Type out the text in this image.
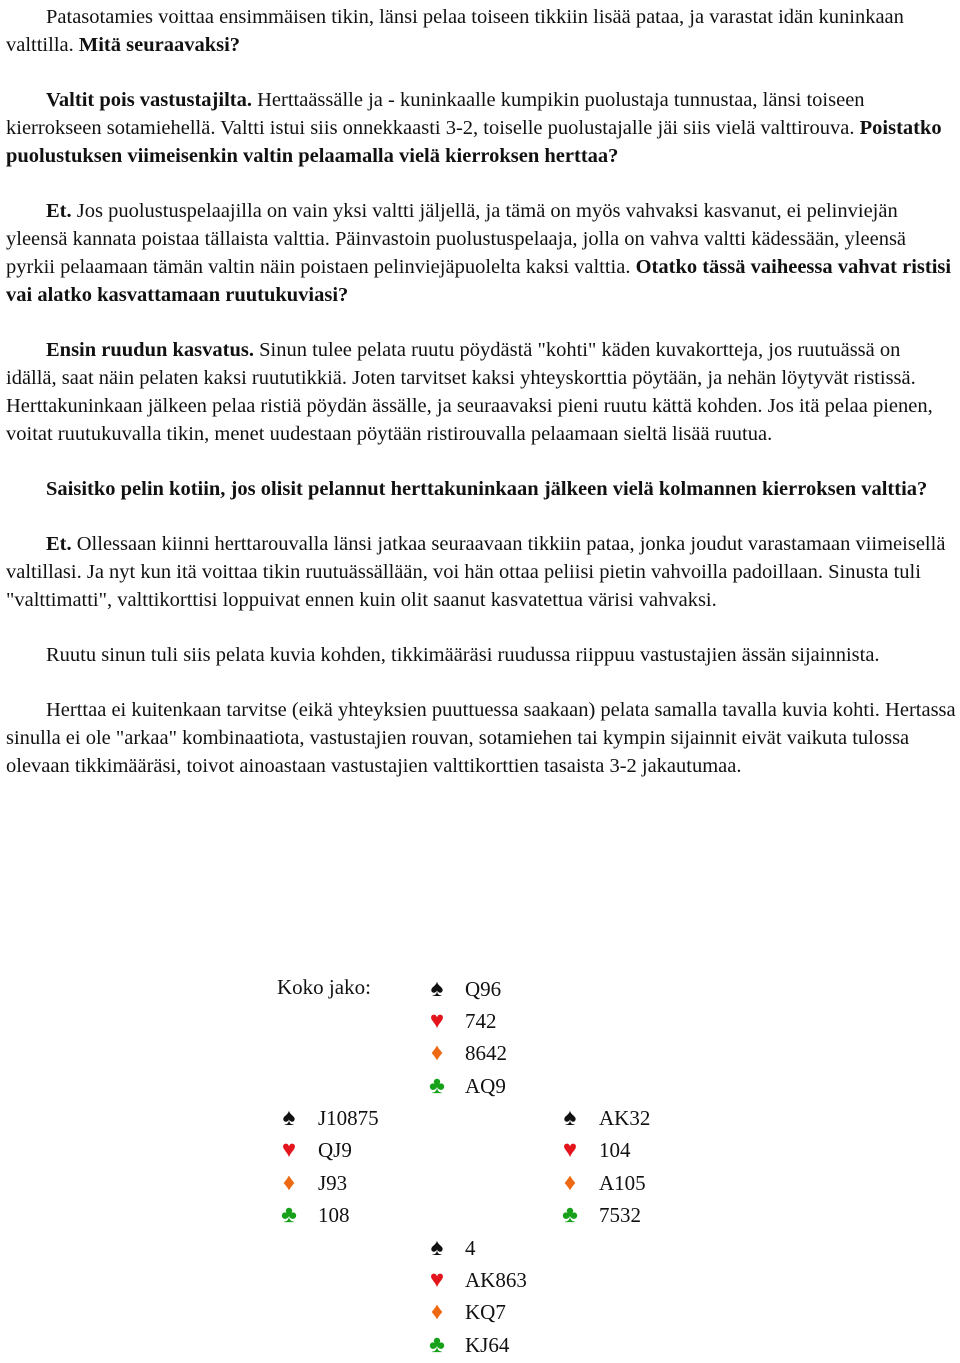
Patasotamies voittaa ensimmäisen tikin, länsi pelaa toiseen tikkiin lisää pataa, ja varastat idän kuninkaan valttilla. Mitä seuraavaksi?

Valtit pois vastustajilta. Herttaässälle ja - kuninkaalle kumpikin puolustaja tunnustaa, länsi toiseen kierrokseen sotamiehellä. Valtti istui siis onnekkaasti 3-2, toiselle puolustajalle jäi siis vielä valttirouva. Poistatko puolustuksen viimeisenkin valtin pelaamalla vielä kierroksen herttaa?

Et. Jos puolustuspelaajilla on vain yksi valtti jäljellä, ja tämä on myös vahvaksi kasvanut, ei pelinviejän yleensä kannata poistaa tällaista valttia. Päinvastoin puolustuspelaaja, jolla on vahva valtti kädessään, yleensä pyrkii pelaamaan tämän valtin näin poistaen pelinviejäpuolelta kaksi valttia. Otatko tässä vaiheessa vahvat ristisi vai alatko kasvattamaan ruutukuviasi?

Ensin ruudun kasvatus. Sinun tulee pelata ruutu pöydästä "kohti" käden kuvakortteja, jos ruutuässä on idällä, saat näin pelaten kaksi ruututikkiä. Joten tarvitset kaksi yhteyskorttia pöytään, ja nehän löytyvät ristissä. Herttakuninkaan jälkeen pelaa ristiä pöydän ässälle, ja seuraavaksi pieni ruutu kättä kohden. Jos itä pelaa pienen, voitat ruutukuvalla tikin, menet uudestaan pöytään ristirouvalla pelaamaan sieltä lisää ruutua.

Saisitko pelin kotiin, jos olisit pelannut herttakuninkaan jälkeen vielä kolmannen kierroksen valttia?

Et. Ollessaan kiinni herttarouvalla länsi jatkaa seuraavaan tikkiin pataa, jonka joudut varastamaan viimeisellä valtillasi. Ja nyt kun itä voittaa tikin ruutuässällään, voi hän ottaa peliisi pietin vahvoilla padoillaan. Sinusta tuli "valttimatti", valttikorttisi loppuivat ennen kuin olit saanut kasvatettua värisi vahvaksi.

Ruutu sinun tuli siis pelata kuvia kohden, tikkimääräsi ruudussa riippuu vastustajien ässän sijainnista.

Herttaa ei kuitenkaan tarvitse (eikä yhteyksien puuttuessa saakaan) pelata samalla tavalla kuvia kohti. Hertassa sinulla ei ole "arkaa" kombinaatiota, vastustajien rouvan, sotamiehen tai kympin sijainnit eivät vaikuta tulossa olevaan tikkimääräsi, toivot ainoastaan vastustajien valttikorttien tasaista 3-2 jakautumaa.

Koko jako: ♠ Q96
♥ 742
♦ 8642
♣ AQ9
♠ J10875
♥ QJ9
♦ J93
♣ 108
♠ AK32
♥ 104
♦ A105
♣ 7532
♠ 4
♥ AK863
♦ KQ7
♣ KJ64
